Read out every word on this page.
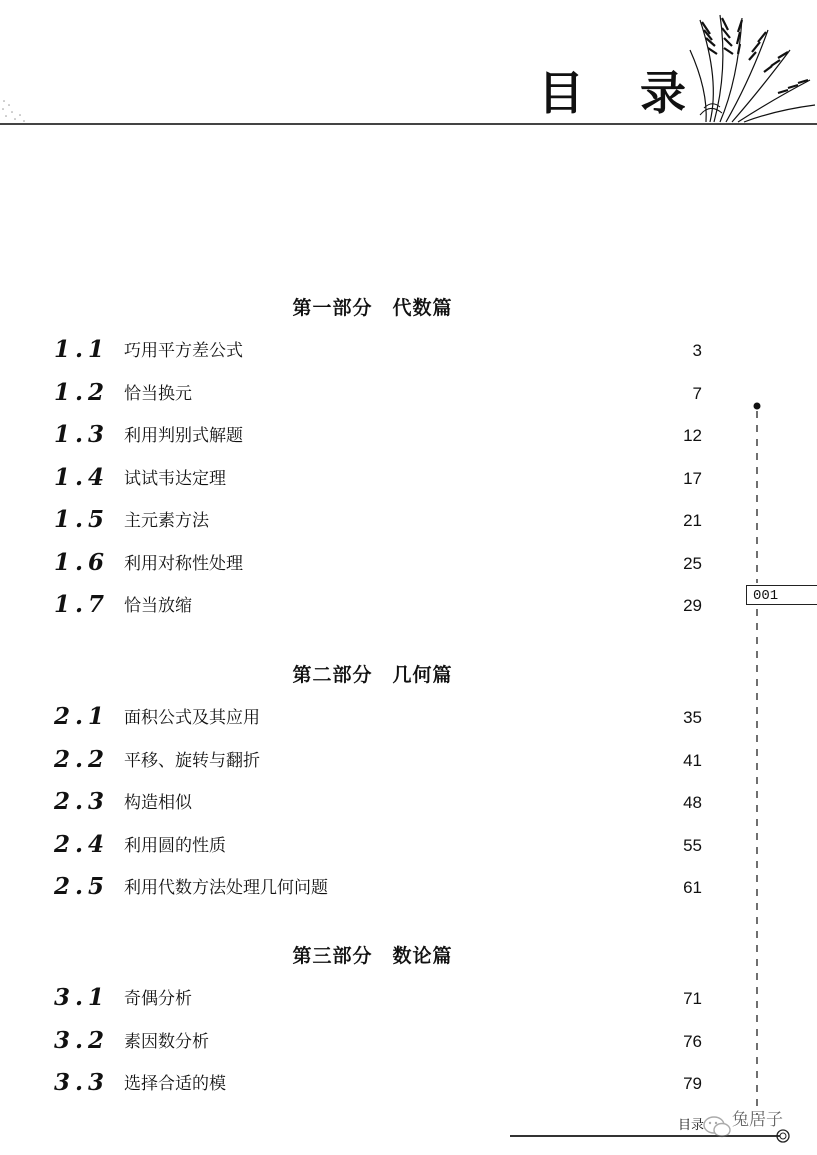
目 录
第一部分　代数篇
1.1 巧用平方差公式	3
1.2 恰当换元	7
1.3 利用判别式解题	12
1.4 试试韦达定理	17
1.5 主元素方法	21
1.6 利用对称性处理	25
1.7 恰当放缩	29
第二部分　几何篇
2.1 面积公式及其应用	35
2.2 平移、旋转与翻折	41
2.3 构造相似	48
2.4 利用圆的性质	55
2.5 利用代数方法处理几何问题	61
第三部分　数论篇
3.1 奇偶分析	71
3.2 素因数分析	76
3.3 选择合适的模	79
001
目录 兔居子
